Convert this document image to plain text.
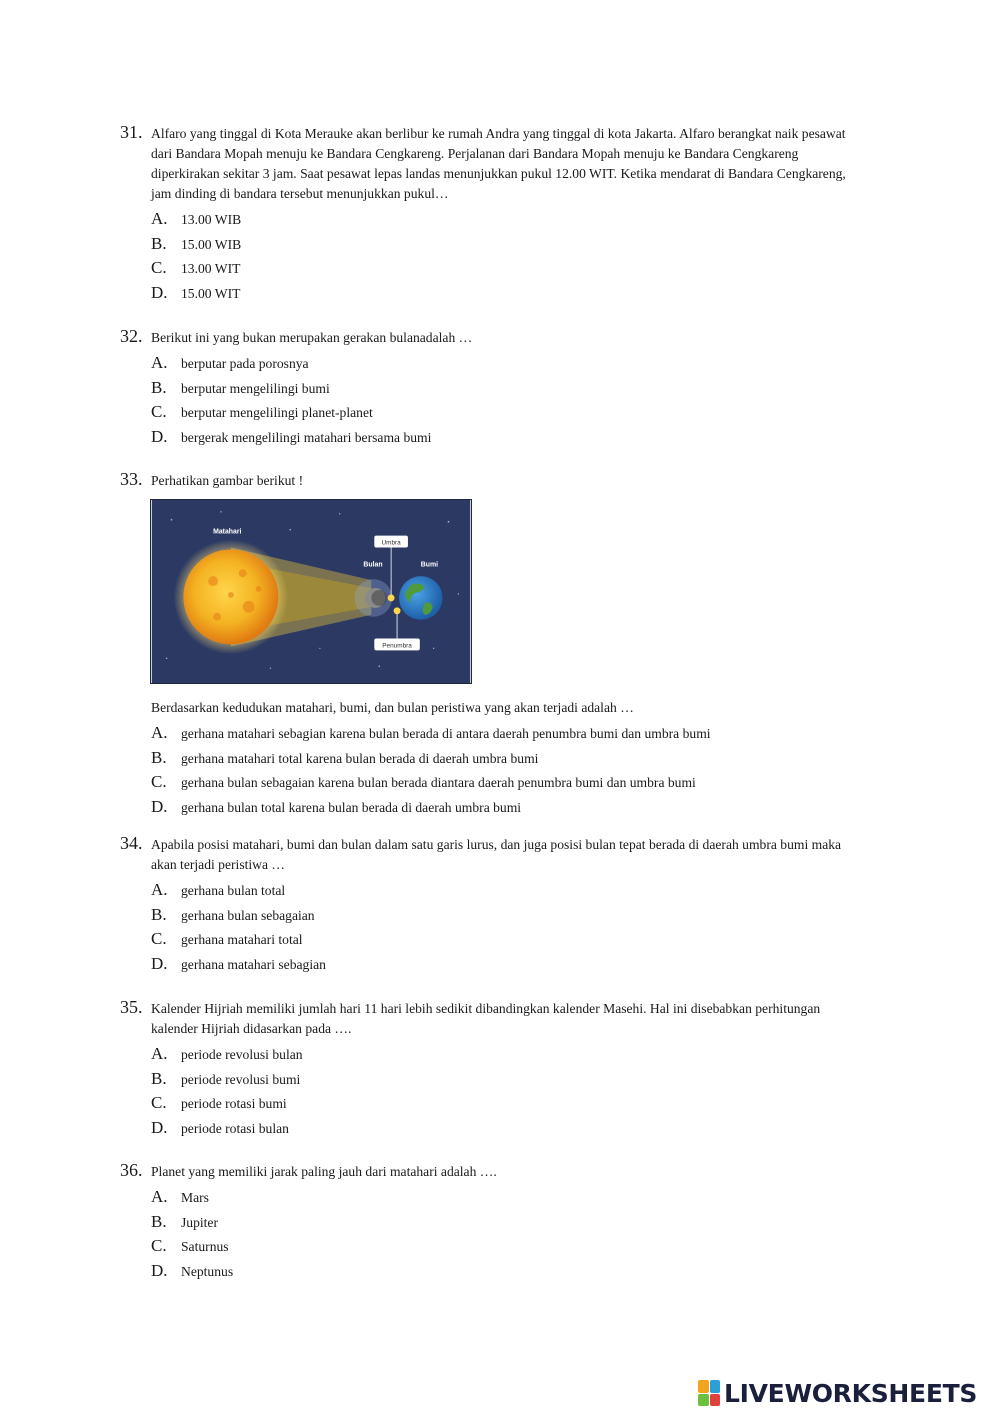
31. Alfaro yang tinggal di Kota Merauke akan berlibur ke rumah Andra yang tinggal di kota Jakarta. Alfaro berangkat naik pesawat dari Bandara Mopah menuju ke Bandara Cengkareng. Perjalanan dari Bandara Mopah menuju ke Bandara Cengkareng diperkirakan sekitar 3 jam. Saat pesawat lepas landas menunjukkan pukul 12.00 WIT. Ketika mendarat di Bandara Cengkareng, jam dinding di bandara tersebut menunjukkan pukul…
A. 13.00 WIB
B. 15.00 WIB
C. 13.00 WIT
D. 15.00 WIT
32. Berikut ini yang bukan merupakan gerakan bulanadalah …
A. berputar pada porosnya
B. berputar mengelilingi bumi
C. berputar mengelilingi planet-planet
D. bergerak mengelilingi matahari bersama bumi
33. Perhatikan gambar berikut !
Umbra
Penumbra
Matahari
Bulan	Bumi
Berdasarkan kedudukan matahari, bumi, dan bulan peristiwa yang akan terjadi adalah …
A. gerhana matahari sebagian karena bulan berada di antara daerah penumbra bumi dan umbra bumi
B. gerhana matahari total karena bulan berada di daerah umbra bumi
C. gerhana bulan sebagaian karena bulan berada diantara daerah penumbra bumi dan umbra bumi
D. gerhana bulan total karena bulan berada di daerah umbra bumi
34. Apabila posisi matahari, bumi dan bulan dalam satu garis lurus, dan juga posisi bulan tepat berada di daerah umbra bumi maka akan terjadi peristiwa …
A. gerhana bulan total
B. gerhana bulan sebagaian
C. gerhana matahari total
D. gerhana matahari sebagian
35. Kalender Hijriah memiliki jumlah hari 11 hari lebih sedikit dibandingkan kalender Masehi. Hal ini disebabkan perhitungan kalender Hijriah didasarkan pada ….
A. periode revolusi bulan
B. periode revolusi bumi
C. periode rotasi bumi
D. periode rotasi bulan
36. Planet yang memiliki jarak paling jauh dari matahari adalah ….
A. Mars
B. Jupiter
C. Saturnus
D. Neptunus
LIVEWORKSHEETS
